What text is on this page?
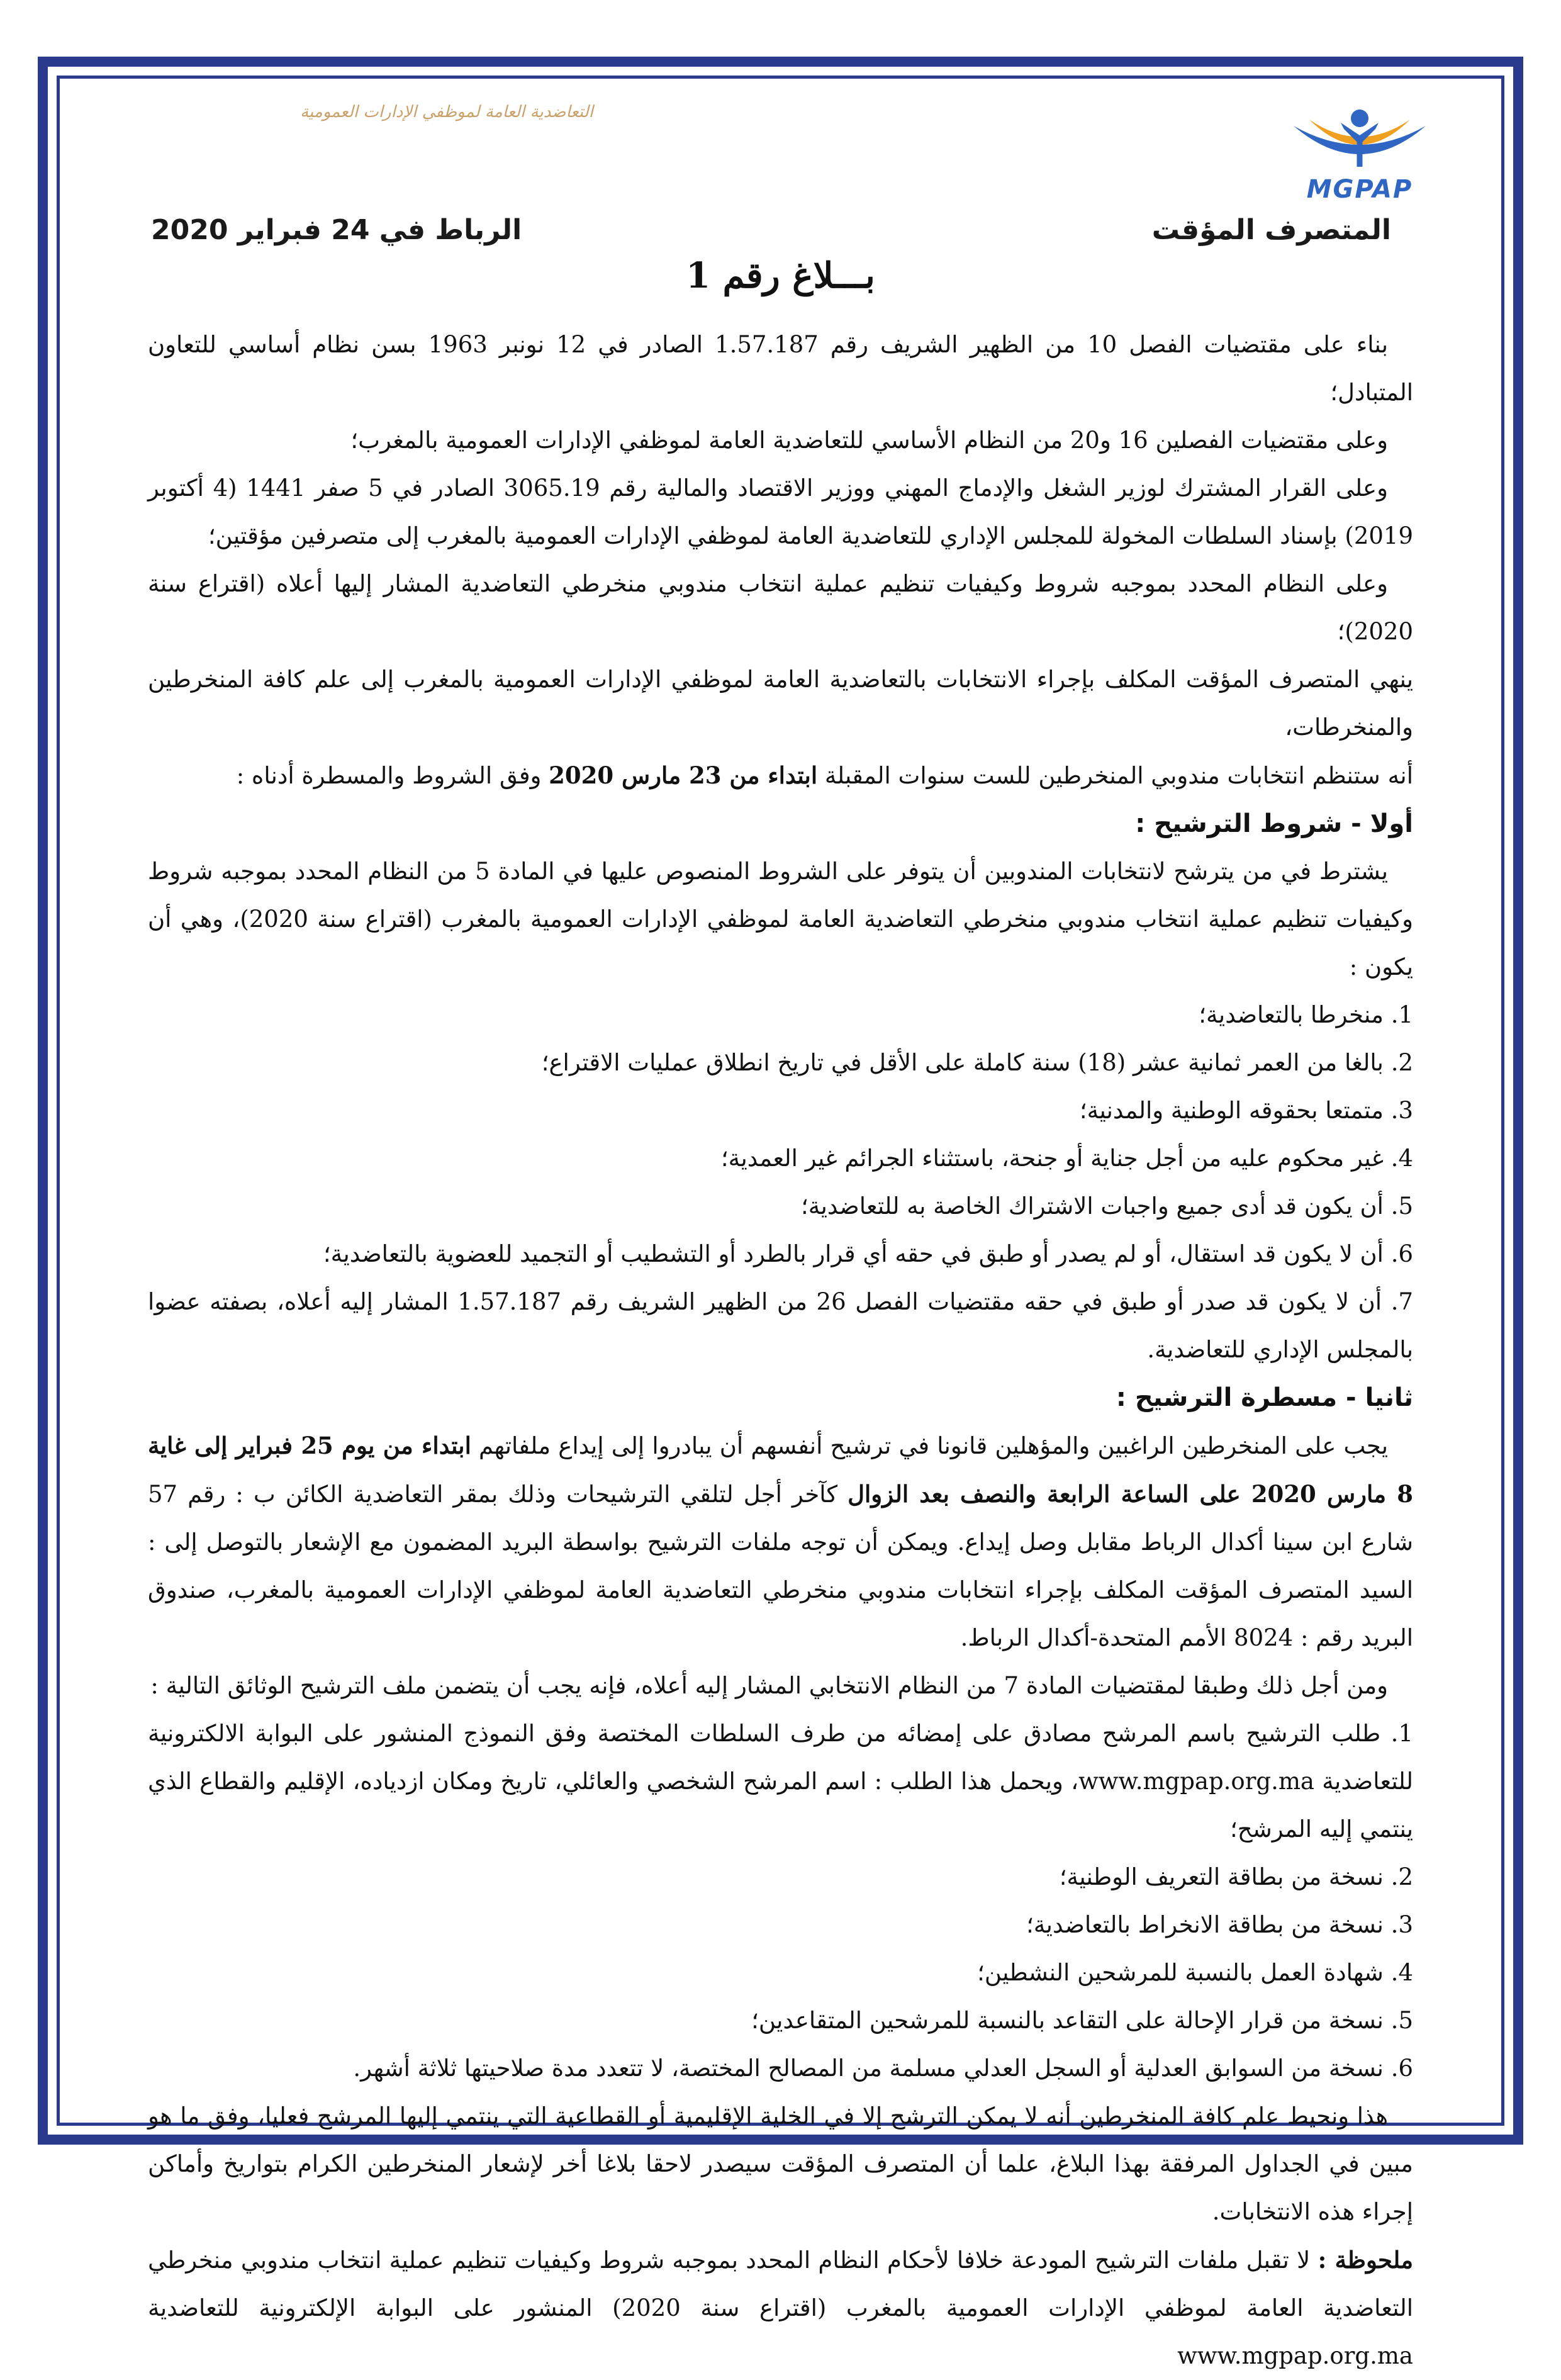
التعاضدية العامة لموظفي الإدارات العمومية
MGPAP
المتصرف المؤقت
الرباط في 24 فبراير 2020
بـــلاغ رقم 1

بناء على مقتضيات الفصل 10 من الظهير الشريف رقم 1.57.187 الصادر في 12 نونبر 1963 بسن نظام أساسي للتعاون المتبادل؛

وعلى مقتضيات الفصلين 16 و20 من النظام الأساسي للتعاضدية العامة لموظفي الإدارات العمومية بالمغرب؛

وعلى القرار المشترك لوزير الشغل والإدماج المهني ووزير الاقتصاد والمالية رقم 3065.19 الصادر في 5 صفر 1441 (4 أكتوبر 2019) بإسناد السلطات المخولة للمجلس الإداري للتعاضدية العامة لموظفي الإدارات العمومية بالمغرب إلى متصرفين مؤقتين؛

وعلى النظام المحدد بموجبه شروط وكيفيات تنظيم عملية انتخاب مندوبي منخرطي التعاضدية المشار إليها أعلاه (اقتراع سنة 2020)؛

ينهي المتصرف المؤقت المكلف بإجراء الانتخابات بالتعاضدية العامة لموظفي الإدارات العمومية بالمغرب إلى علم كافة المنخرطين والمنخرطات،

أنه ستنظم انتخابات مندوبي المنخرطين للست سنوات المقبلة ابتداء من 23 مارس 2020 وفق الشروط والمسطرة أدناه :

أولا - شروط الترشيح :

يشترط في من يترشح لانتخابات المندوبين أن يتوفر على الشروط المنصوص عليها في المادة 5 من النظام المحدد بموجبه شروط وكيفيات تنظيم عملية انتخاب مندوبي منخرطي التعاضدية العامة لموظفي الإدارات العمومية بالمغرب (اقتراع سنة 2020)، وهي أن يكون :

1. منخرطا بالتعاضدية؛

2. بالغا من العمر ثمانية عشر (18) سنة كاملة على الأقل في تاريخ انطلاق عمليات الاقتراع؛

3. متمتعا بحقوقه الوطنية والمدنية؛

4. غير محكوم عليه من أجل جناية أو جنحة، باستثناء الجرائم غير العمدية؛

5. أن يكون قد أدى جميع واجبات الاشتراك الخاصة به للتعاضدية؛

6. أن لا يكون قد استقال، أو لم يصدر أو طبق في حقه أي قرار بالطرد أو التشطيب أو التجميد للعضوية بالتعاضدية؛

7. أن لا يكون قد صدر أو طبق في حقه مقتضيات الفصل 26 من الظهير الشريف رقم 1.57.187 المشار إليه أعلاه، بصفته عضوا بالمجلس الإداري للتعاضدية.

ثانيا - مسطرة الترشيح :

يجب على المنخرطين الراغبين والمؤهلين قانونا في ترشيح أنفسهم أن يبادروا إلى إيداع ملفاتهم ابتداء من يوم 25 فبراير إلى غاية 8 مارس 2020 على الساعة الرابعة والنصف بعد الزوال كآخر أجل لتلقي الترشيحات وذلك بمقر التعاضدية الكائن ب : رقم 57 شارع ابن سينا أكدال الرباط مقابل وصل إيداع. ويمكن أن توجه ملفات الترشيح بواسطة البريد المضمون مع الإشعار بالتوصل إلى : السيد المتصرف المؤقت المكلف بإجراء انتخابات مندوبي منخرطي التعاضدية العامة لموظفي الإدارات العمومية بالمغرب، صندوق البريد رقم : 8024 الأمم المتحدة-أكدال الرباط.

ومن أجل ذلك وطبقا لمقتضيات المادة 7 من النظام الانتخابي المشار إليه أعلاه، فإنه يجب أن يتضمن ملف الترشيح الوثائق التالية :

1. طلب الترشيح باسم المرشح مصادق على إمضائه من طرف السلطات المختصة وفق النموذج المنشور على البوابة الالكترونية للتعاضدية www.mgpap.org.ma، ويحمل هذا الطلب : اسم المرشح الشخصي والعائلي، تاريخ ومكان ازدياده، الإقليم والقطاع الذي ينتمي إليه المرشح؛

2. نسخة من بطاقة التعريف الوطنية؛

3. نسخة من بطاقة الانخراط بالتعاضدية؛

4. شهادة العمل بالنسبة للمرشحين النشطين؛

5. نسخة من قرار الإحالة على التقاعد بالنسبة للمرشحين المتقاعدين؛

6. نسخة من السوابق العدلية أو السجل العدلي مسلمة من المصالح المختصة، لا تتعدد مدة صلاحيتها ثلاثة أشهر.

هذا ونحيط علم كافة المنخرطين أنه لا يمكن الترشح إلا في الخلية الإقليمية أو القطاعية التي ينتمي إليها المرشح فعليا، وفق ما هو مبين في الجداول المرفقة بهذا البلاغ، علما أن المتصرف المؤقت سيصدر لاحقا بلاغا أخر لإشعار المنخرطين الكرام بتواريخ وأماكن إجراء هذه الانتخابات.

ملحوظة : لا تقبل ملفات الترشيح المودعة خلافا لأحكام النظام المحدد بموجبه شروط وكيفيات تنظيم عملية انتخاب مندوبي منخرطي التعاضدية العامة لموظفي الإدارات العمومية بالمغرب (اقتراع سنة 2020) المنشور على البوابة الإلكترونية للتعاضدية www.mgpap.org.ma
